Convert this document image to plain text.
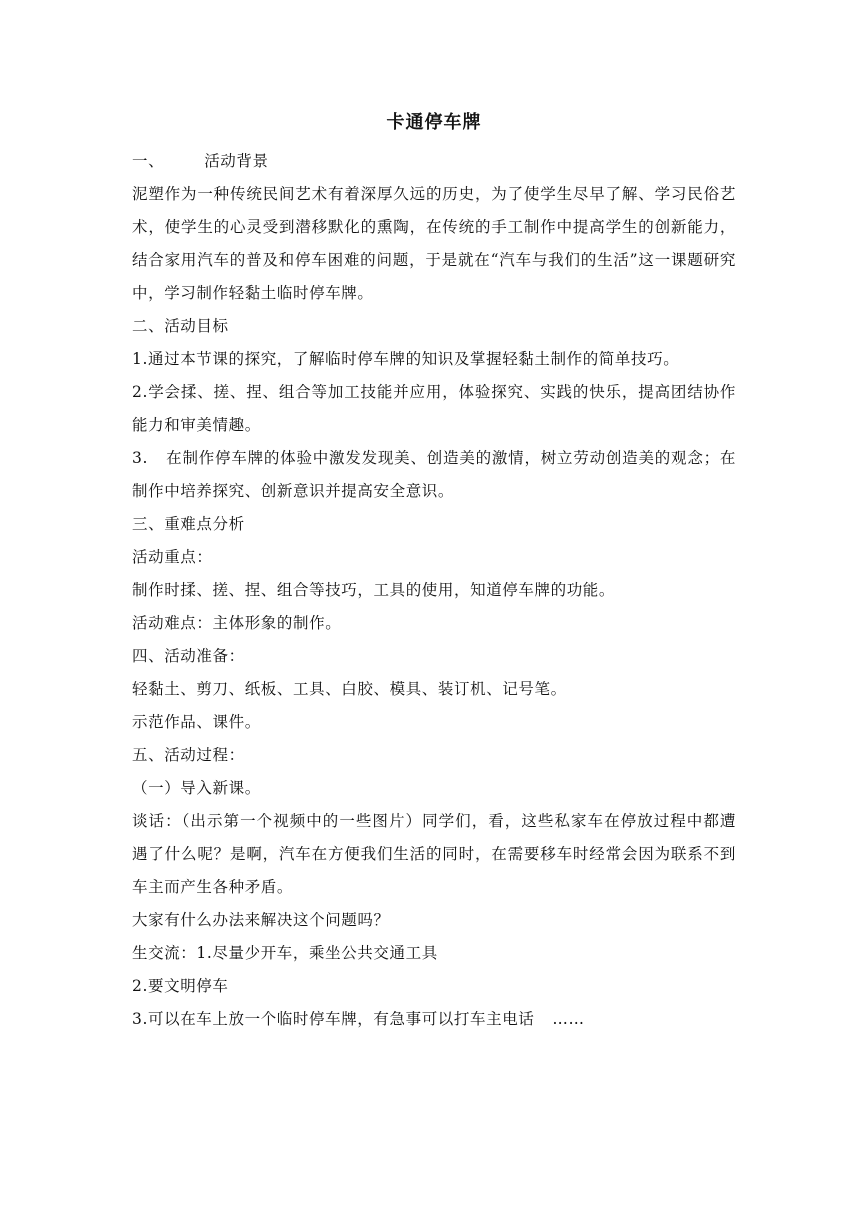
卡通停车牌

一、	活动背景

泥塑作为一种传统民间艺术有着深厚久远的历史，为了使学生尽早了解、学习民俗艺术，使学生的心灵受到潜移默化的熏陶，在传统的手工制作中提高学生的创新能力，结合家用汽车的普及和停车困难的问题，于是就在“汽车与我们的生活”这一课题研究中，学习制作轻黏土临时停车牌。

二、活动目标

1.通过本节课的探究，了解临时停车牌的知识及掌握轻黏土制作的简单技巧。

2.学会揉、搓、捏、组合等加工技能并应用，体验探究、实践的快乐，提高团结协作能力和审美情趣。

3. 在制作停车牌的体验中激发发现美、创造美的激情，树立劳动创造美的观念；在制作中培养探究、创新意识并提高安全意识。

三、重难点分析

活动重点：

制作时揉、搓、捏、组合等技巧，工具的使用，知道停车牌的功能。

活动难点：主体形象的制作。

四、活动准备：

轻黏土、剪刀、纸板、工具、白胶、模具、装订机、记号笔。

示范作品、课件。

五、活动过程：

（一）导入新课。

谈话：（出示第一个视频中的一些图片）同学们，看，这些私家车在停放过程中都遭遇了什么呢？是啊，汽车在方便我们生活的同时，在需要移车时经常会因为联系不到车主而产生各种矛盾。

大家有什么办法来解决这个问题吗？

生交流：1.尽量少开车，乘坐公共交通工具

2.要文明停车

3.可以在车上放一个临时停车牌，有急事可以打车主电话 ……
